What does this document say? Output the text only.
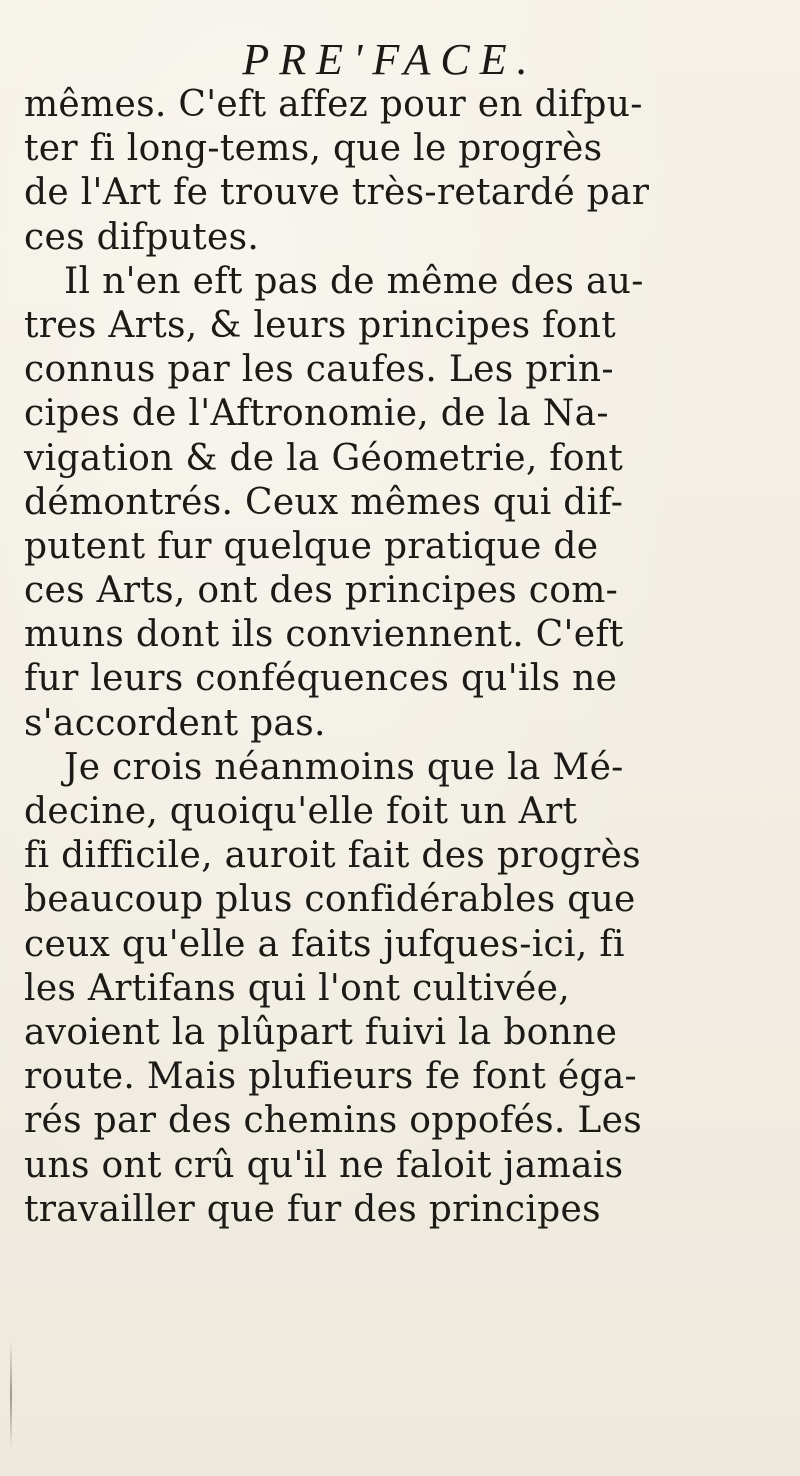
PRE'FACE.
mêmes. C'eft affez pour en difpu-
ter fi long-tems, que le progrès
de l'Art fe trouve très-retardé par
ces difputes.
Il n'en eft pas de même des au-
tres Arts, & leurs principes font
connus par les caufes. Les prin-
cipes de l'Aftronomie, de la Na-
vigation & de la Géometrie, font
démontrés. Ceux mêmes qui dif-
putent fur quelque pratique de
ces Arts, ont des principes com-
muns dont ils conviennent. C'eft
fur leurs conféquences qu'ils ne
s'accordent pas.
Je crois néanmoins que la Mé-
decine, quoiqu'elle foit un Art
fi difficile, auroit fait des progrès
beaucoup plus confidérables que
ceux qu'elle a faits jufques-ici, fi
les Artifans qui l'ont cultivée,
avoient la plûpart fuivi la bonne
route. Mais plufieurs fe font éga-
rés par des chemins oppofés. Les
uns ont crû qu'il ne faloit jamais
travailler que fur des principes
